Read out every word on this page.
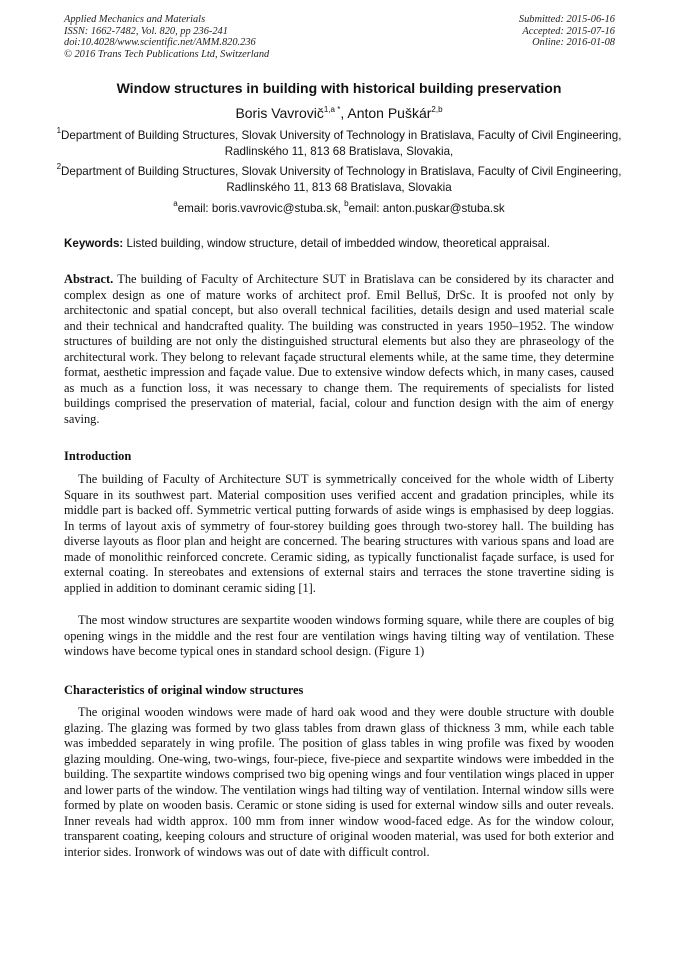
Applied Mechanics and Materials
ISSN: 1662-7482, Vol. 820, pp 236-241
doi:10.4028/www.scientific.net/AMM.820.236
© 2016 Trans Tech Publications Ltd, Switzerland
Submitted: 2015-06-16
Accepted: 2015-07-16
Online: 2016-01-08
Window structures in building with historical building preservation
Boris Vavrovič$^{1,a *}$, Anton Puškár$^{2,b}$
$^1$Department of Building Structures, Slovak University of Technology in Bratislava, Faculty of Civil Engineering, Radlinského 11, 813 68 Bratislava, Slovakia,
$^2$Department of Building Structures, Slovak University of Technology in Bratislava, Faculty of Civil Engineering, Radlinského 11, 813 68 Bratislava, Slovakia
$^a$email: boris.vavrovic@stuba.sk, $^b$email: anton.puskar@stuba.sk
Keywords: Listed building, window structure, detail of imbedded window, theoretical appraisal.
Abstract. The building of Faculty of Architecture SUT in Bratislava can be considered by its character and complex design as one of mature works of architect prof. Emil Belluš, DrSc. It is proofed not only by architectonic and spatial concept, but also overall technical facilities, details design and used material scale and their technical and handcrafted quality. The building was constructed in years 1950–1952. The window structures of building are not only the distinguished structural elements but also they are phraseology of the architectural work. They belong to relevant façade structural elements while, at the same time, they determine format, aesthetic impression and façade value. Due to extensive window defects which, in many cases, caused as much as a function loss, it was necessary to change them. The requirements of specialists for listed buildings comprised the preservation of material, facial, colour and function design with the aim of energy saving.
Introduction
The building of Faculty of Architecture SUT is symmetrically conceived for the whole width of Liberty Square in its southwest part. Material composition uses verified accent and gradation principles, while its middle part is backed off. Symmetric vertical putting forwards of aside wings is emphasised by deep loggias. In terms of layout axis of symmetry of four-storey building goes through two-storey hall. The building has diverse layouts as floor plan and height are concerned. The bearing structures with various spans and load are made of monolithic reinforced concrete. Ceramic siding, as typically functionalist façade surface, is used for external coating. In stereobates and extensions of external stairs and terraces the stone travertine siding is applied in addition to dominant ceramic siding [1].
The most window structures are sexpartite wooden windows forming square, while there are couples of big opening wings in the middle and the rest four are ventilation wings having tilting way of ventilation. These windows have become typical ones in standard school design. (Figure 1)
Characteristics of original window structures
The original wooden windows were made of hard oak wood and they were double structure with double glazing. The glazing was formed by two glass tables from drawn glass of thickness 3 mm, while each table was imbedded separately in wing profile. The position of glass tables in wing profile was fixed by wooden glazing moulding. One-wing, two-wings, four-piece, five-piece and sexpartite windows were imbedded in the building. The sexpartite windows comprised two big opening wings and four ventilation wings placed in upper and lower parts of the window. The ventilation wings had tilting way of ventilation. Internal window sills were formed by plate on wooden basis. Ceramic or stone siding is used for external window sills and outer reveals. Inner reveals had width approx. 100 mm from inner window wood-faced edge. As for the window colour, transparent coating, keeping colours and structure of original wooden material, was used for both exterior and interior sides. Ironwork of windows was out of date with difficult control.
